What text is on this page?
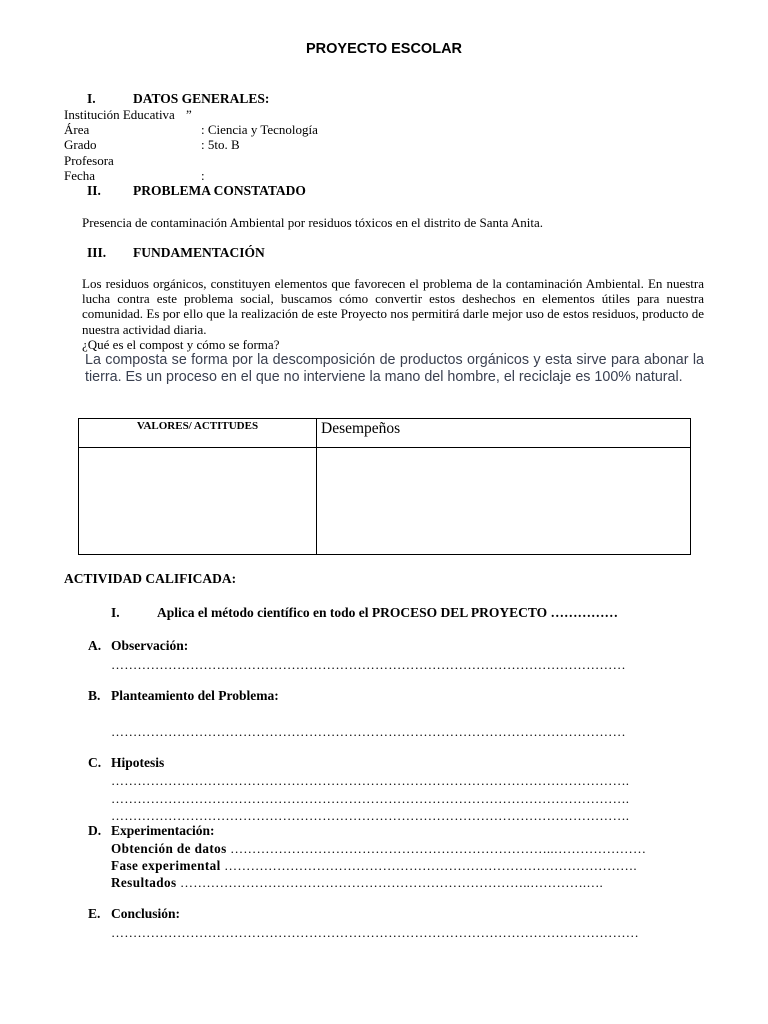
PROYECTO ESCOLAR
I.	DATOS GENERALES:
Institución Educativa ”
Área	: Ciencia y Tecnología
Grado	: 5to. B
Profesora
Fecha	:
II. PROBLEMA CONSTATADO
Presencia de contaminación Ambiental por residuos tóxicos en el distrito de Santa Anita.
III. FUNDAMENTACIÓN

Los residuos orgánicos, constituyen elementos que favorecen el problema de la contaminación Ambiental. En nuestra lucha contra este problema social, buscamos cómo convertir estos deshechos en elementos útiles para nuestra comunidad. Es por ello que la realización de este Proyecto nos permitirá darle mejor uso de estos residuos, producto de nuestra actividad diaria.

¿Qué es el compost y cómo se forma?

La composta se forma por la descomposición de productos orgánicos y esta sirve para abonar la tierra. Es un proceso en el que no interviene la mano del hombre, el reciclaje es 100% natural.

VALORES/ ACTITUDES	Desempeños

ACTIVIDAD CALIFICADA:
I.	Aplica el método científico en todo el PROCESO DEL PROYECTO ……………
A. Observación:
………………………………………………………………………………………………………
B. Planteamiento del Problema:
………………………………………………………………………………………………………
C. Hipotesis
……………………………………………………………………………………………………….
……………………………………………………………………………………………………….
……………………………………………………………………………………………………….
D. Experimentación:
Obtención de datos ………………………………………………………………..…………………
Fase experimental ………………………………………………………………………………….
Resultados ……………………………………………………………………..………….….
E. Conclusión:
…………………………………………………………………………………………………………
